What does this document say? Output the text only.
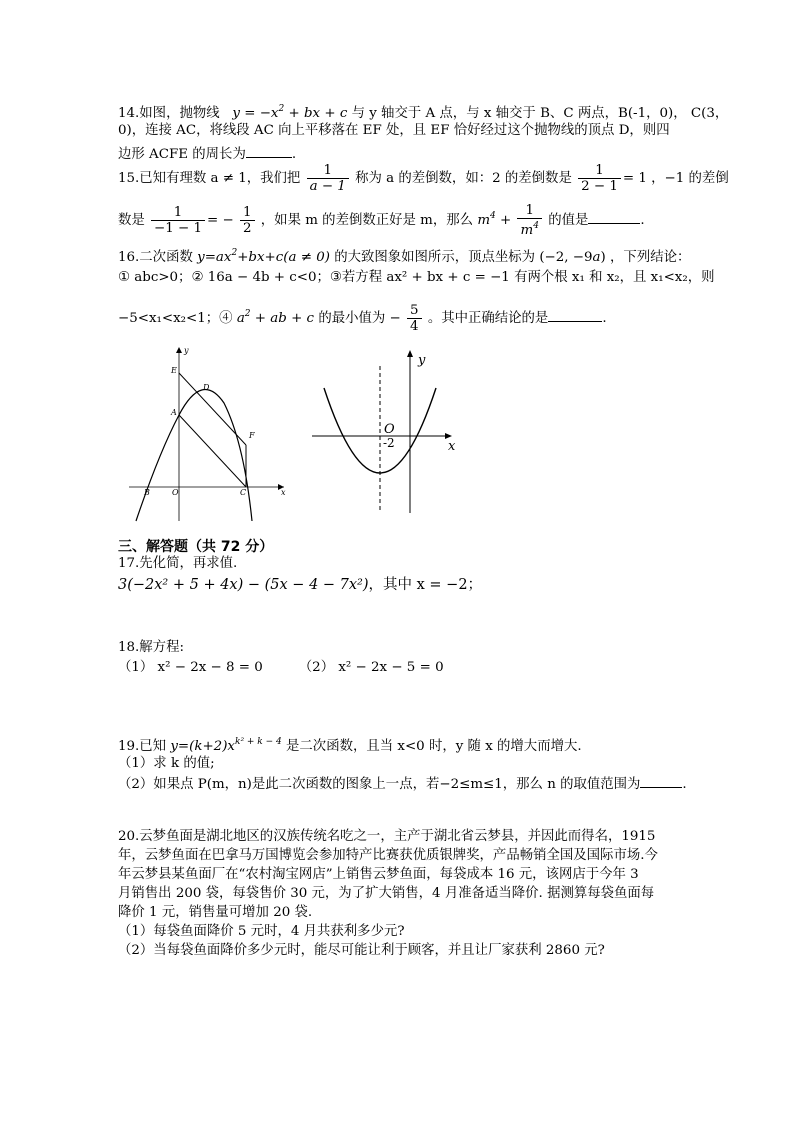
14.如图，抛物线   $y = -x^2$ + bx + c 与 y 轴交于 A 点，与 x 轴交于 B、C 两点，B(-1，0)， C(3，
0)，连接 AC，将线段 AC 向上平移落在 EF 处，且 EF 恰好经过这个抛物线的顶点 D，则四
边形 ACFE 的周长为	.
15.已知有理数 a ≠ 1，我们把 $\frac{1}{a - 1}$ 称为 a 的差倒数，如：2 的差倒数是 $\frac{1}{2 - 1} = 1$ ，−1 的差倒
数是 $\frac{1}{-1 - 1}$ = − $\frac{1}{2}$ ，如果 m 的差倒数正好是 m，那么 $m^4 + \frac{1}{m^4}$ 的值是	.
16.二次函数 $y=ax^2+bx+c(a \ne 0)$ 的大致图象如图所示，顶点坐标为 (−2, −9a) ，下列结论：
① abc>0；② 16a − 4b + c<0；③若方程 ax² + bx + c = −1 有两个根 x₁ 和 x₂，且 x₁<x₂，则
−5<x₁<x₂<1；④ $a^2$ + ab + c 的最小值为 − $\frac{5}{4}$ 。其中正确结论的是	.
y
E
D
A
F
B	O	C	x
y
O
-2	x
三、解答题（共 72 分）
17.先化简，再求值.
3(−2x² + 5 + 4x) − (5x − 4 − 7x²)，其中 x = −2；
18.解方程:
（1） x² − 2x − 8 = 0	（2） x² − 2x − 5 = 0
19.已知 $y=(k+2)x^{k^2 + k - 4}$ 是二次函数，且当 x<0 时，y 随 x 的增大而增大.
（1）求 k 的值;
（2）如果点 P(m，n)是此二次函数的图象上一点，若−2≤m≤1，那么 n 的取值范围为	.
20.云梦鱼面是湖北地区的汉族传统名吃之一，主产于湖北省云梦县，并因此而得名，1915
年，云梦鱼面在巴拿马万国博览会参加特产比赛获优质银牌奖，产品畅销全国及国际市场.今
年云梦县某鱼面厂在“农村淘宝网店”上销售云梦鱼面，每袋成本 16 元，该网店于今年 3
月销售出 200 袋，每袋售价 30 元，为了扩大销售，4 月准备适当降价. 据测算每袋鱼面每
降价 1 元，销售量可增加 20 袋.
（1）每袋鱼面降价 5 元时，4 月共获利多少元?
（2）当每袋鱼面降价多少元时，能尽可能让利于顾客，并且让厂家获利 2860 元?
